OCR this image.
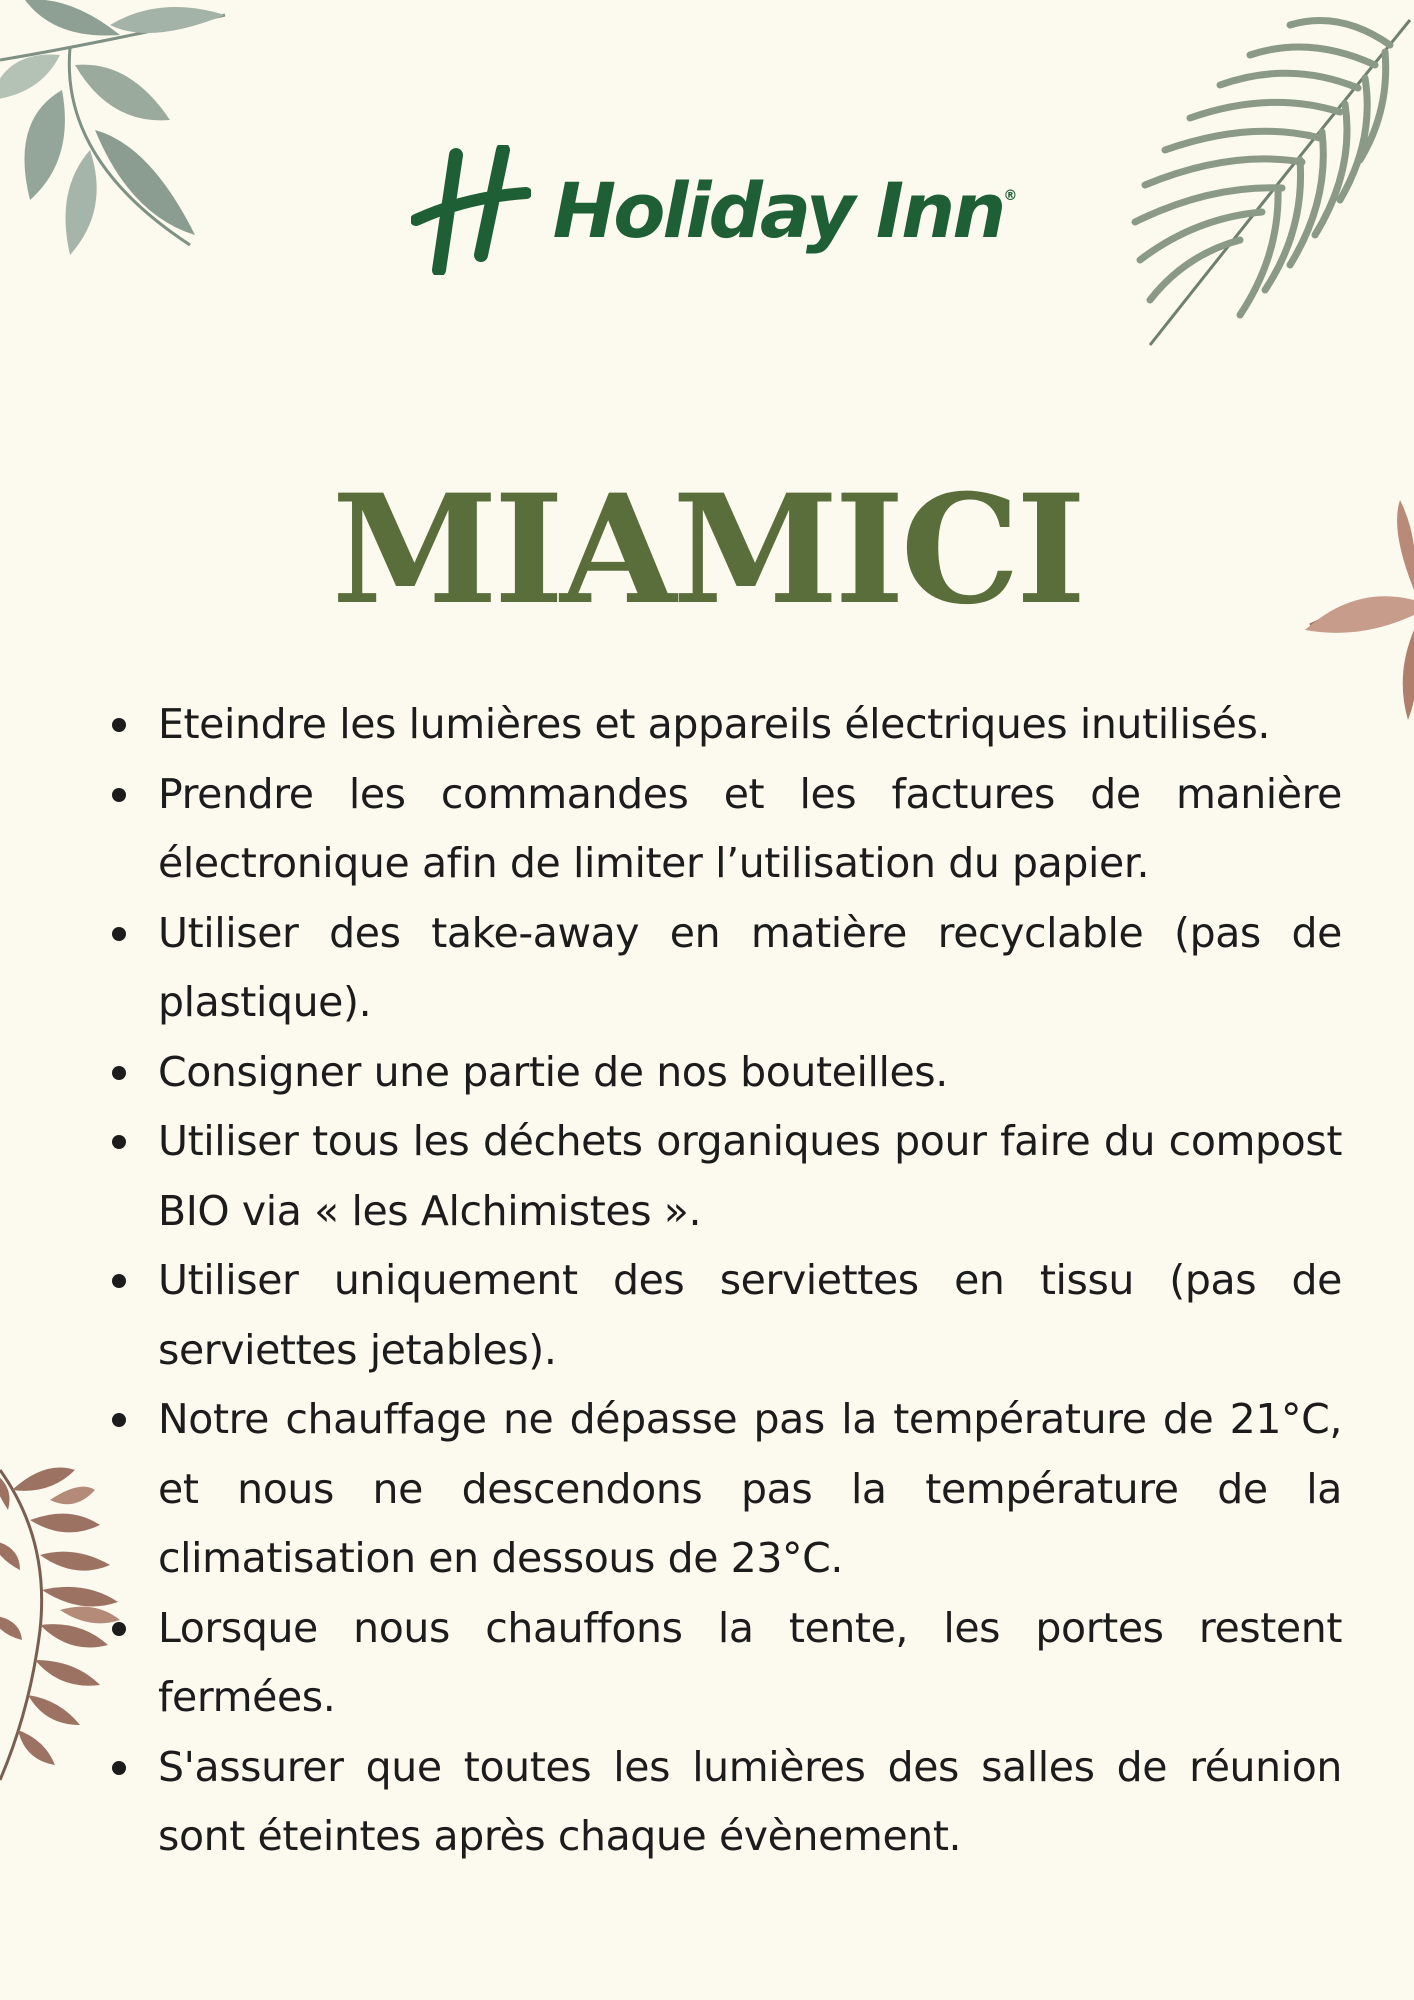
Holiday Inn ®
MIAMICI
Eteindre les lumières et appareils électriques inutilisés.
Prendre les commandes et les factures de manière électronique afin de limiter l’utilisation du papier.
Utiliser des take-away en matière recyclable (pas de plastique).
Consigner une partie de nos bouteilles.
Utiliser tous les déchets organiques pour faire du compost BIO via « les Alchimistes ».
Utiliser uniquement des serviettes en tissu (pas de serviettes jetables).
Notre chauffage ne dépasse pas la température de 21°C, et nous ne descendons pas la température de la climatisation en dessous de 23°C.
Lorsque nous chauffons la tente, les portes restent fermées.
S'assurer que toutes les lumières des salles de réunion sont éteintes après chaque évènement.
